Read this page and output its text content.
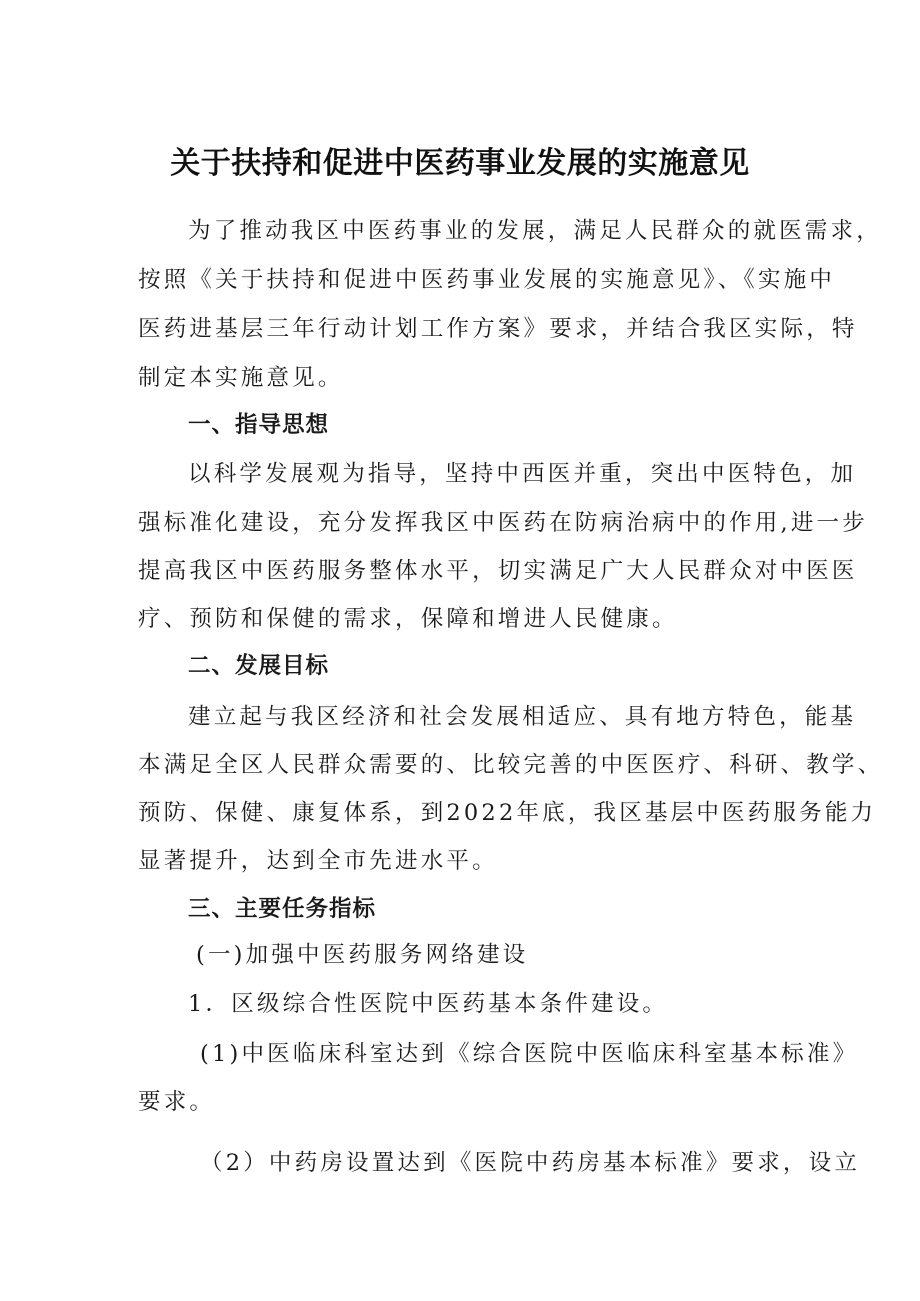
关于扶持和促进中医药事业发展的实施意见
为了推动我区中医药事业的发展，满足人民群众的就医需求，
按照《关于扶持和促进中医药事业发展的实施意见》、《实施中
医药进基层三年行动计划工作方案》要求，并结合我区实际，特
制定本实施意见。
一、指导思想
以科学发展观为指导，坚持中西医并重，突出中医特色，加
强标准化建设，充分发挥我区中医药在防病治病中的作用,进一步
提高我区中医药服务整体水平，切实满足广大人民群众对中医医
疗、预防和保健的需求，保障和增进人民健康。
二、发展目标
建立起与我区经济和社会发展相适应、具有地方特色，能基
本满足全区人民群众需要的、比较完善的中医医疗、科研、教学、
预防、保健、康复体系，到2022年底，我区基层中医药服务能力
显著提升，达到全市先进水平。
三、主要任务指标
(一)加强中医药服务网络建设
1．区级综合性医院中医药基本条件建设。
(1)中医临床科室达到《综合医院中医临床科室基本标准》
要求。
（2）中药房设置达到《医院中药房基本标准》要求，设立
